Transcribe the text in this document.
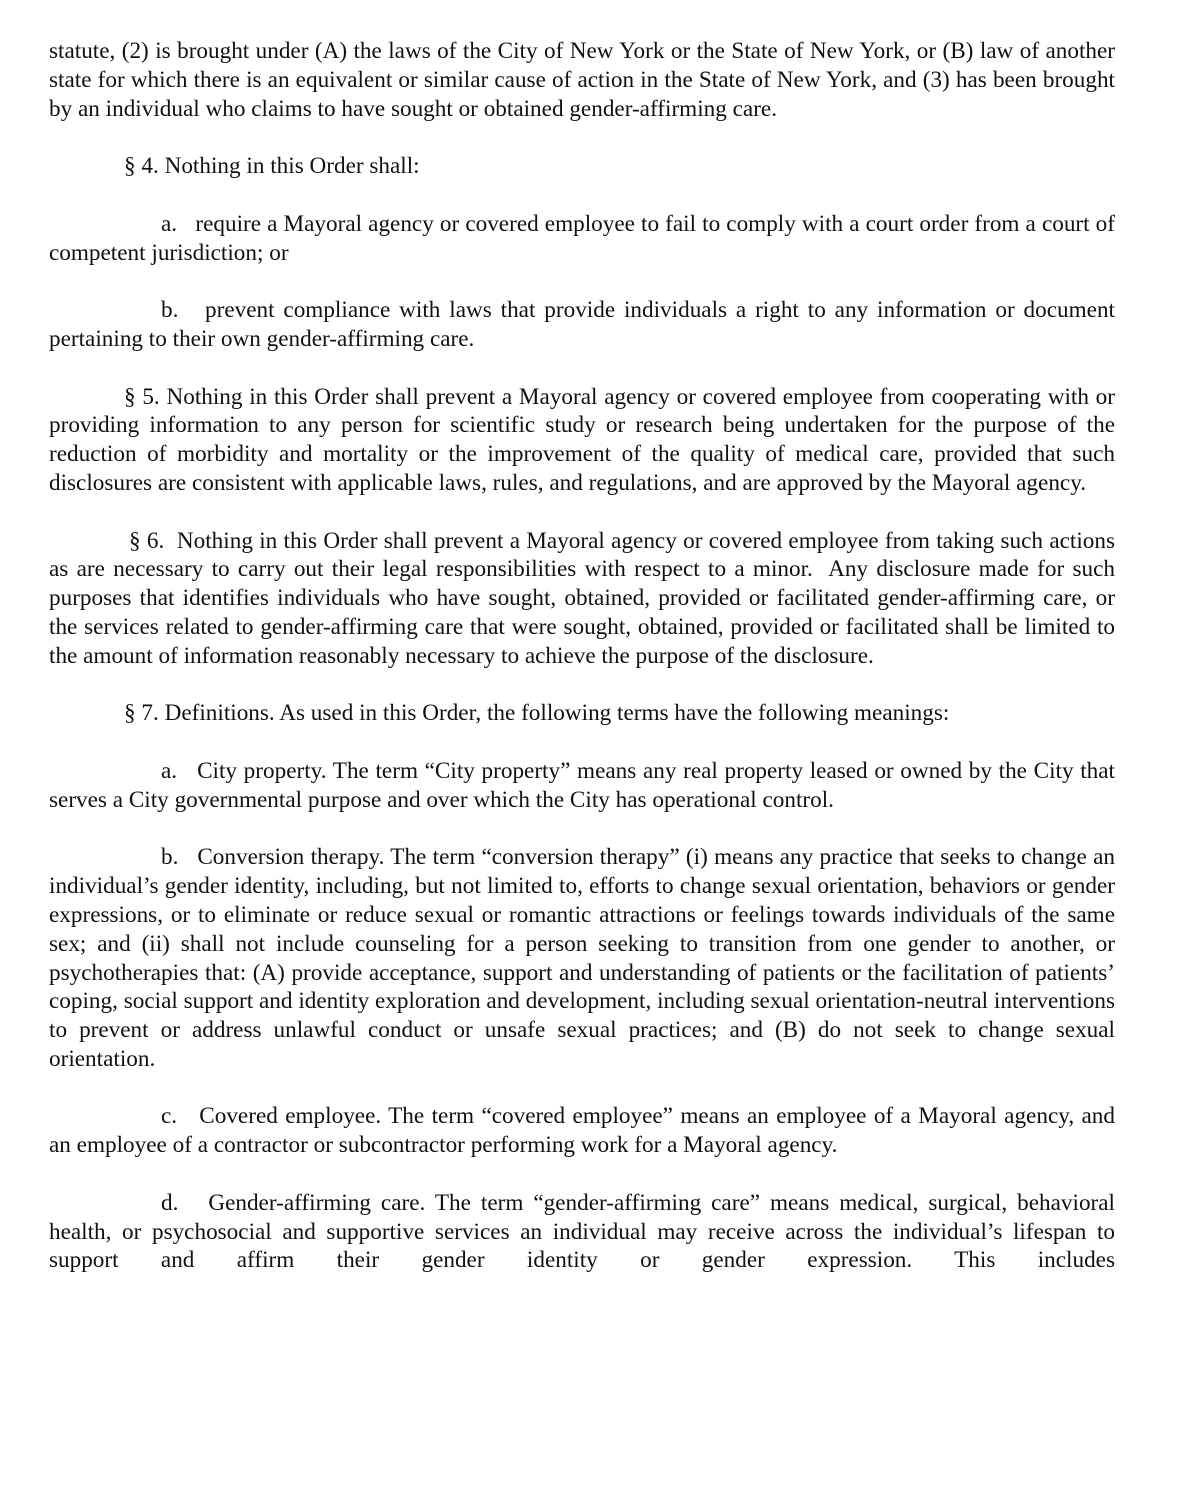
statute, (2) is brought under (A) the laws of the City of New York or the State of New York, or (B) law of another state for which there is an equivalent or similar cause of action in the State of New York, and (3) has been brought by an individual who claims to have sought or obtained gender-affirming care.

§ 4. Nothing in this Order shall:

a.   require a Mayoral agency or covered employee to fail to comply with a court order from a court of competent jurisdiction; or

b.   prevent compliance with laws that provide individuals a right to any information or document pertaining to their own gender-affirming care.

§ 5. Nothing in this Order shall prevent a Mayoral agency or covered employee from cooperating with or providing information to any person for scientific study or research being undertaken for the purpose of the reduction of morbidity and mortality or the improvement of the quality of medical care, provided that such disclosures are consistent with applicable laws, rules, and regulations, and are approved by the Mayoral agency.

§ 6.  Nothing in this Order shall prevent a Mayoral agency or covered employee from taking such actions as are necessary to carry out their legal responsibilities with respect to a minor.  Any disclosure made for such purposes that identifies individuals who have sought, obtained, provided or facilitated gender-affirming care, or the services related to gender-affirming care that were sought, obtained, provided or facilitated shall be limited to the amount of information reasonably necessary to achieve the purpose of the disclosure.

§ 7. Definitions. As used in this Order, the following terms have the following meanings:

a.   City property. The term “City property” means any real property leased or owned by the City that serves a City governmental purpose and over which the City has operational control.

b.   Conversion therapy. The term “conversion therapy” (i) means any practice that seeks to change an individual’s gender identity, including, but not limited to, efforts to change sexual orientation, behaviors or gender expressions, or to eliminate or reduce sexual or romantic attractions or feelings towards individuals of the same sex; and (ii) shall not include counseling for a person seeking to transition from one gender to another, or psychotherapies that: (A) provide acceptance, support and understanding of patients or the facilitation of patients’ coping, social support and identity exploration and development, including sexual orientation-neutral interventions to prevent or address unlawful conduct or unsafe sexual practices; and (B) do not seek to change sexual orientation.

c.   Covered employee. The term “covered employee” means an employee of a Mayoral agency, and an employee of a contractor or subcontractor performing work for a Mayoral agency.

d.   Gender-affirming care. The term “gender-affirming care” means medical, surgical, behavioral health, or psychosocial and supportive services an individual may receive across the individual’s lifespan to support and affirm their gender identity or gender expression. This includes
